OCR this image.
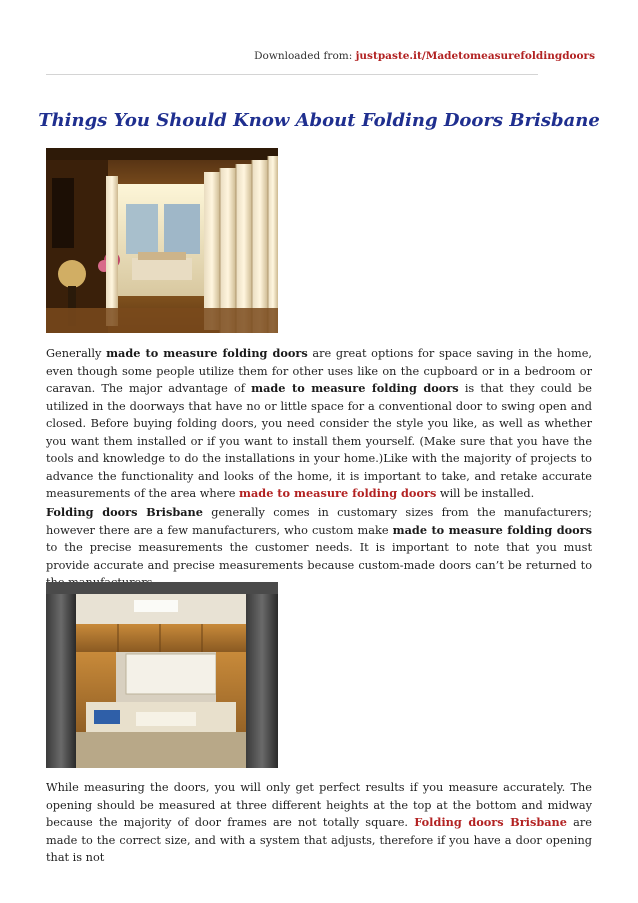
Downloaded from: justpaste.it/Madetomeasurefoldingdoors
Things You Should Know About Folding Doors Brisbane

Generally made to measure folding doors are great options for space saving in the home, even though some people utilize them for other uses like on the cupboard or in a bedroom or caravan. The major advantage of made to measure folding doors is that they could be utilized in the doorways that have no or little space for a conventional door to swing open and closed. Before buying folding doors, you need consider the style you like, as well as whether you want them installed or if you want to install them yourself. (Make sure that you have the tools and knowledge to do the installations in your home.)Like with the majority of projects to advance the functionality and looks of the home, it is important to take, and retake accurate measurements of the area where made to measure folding doors will be installed.

Folding doors Brisbane generally comes in customary sizes from the manufacturers; however there are a few manufacturers, who custom make made to measure folding doors to the precise measurements the customer needs. It is important to note that you must provide accurate and precise measurements because custom-made doors can’t be returned to

While measuring the doors, you will only get perfect results if you measure accurately. The opening should be measured at three different heights at the top at the bottom and midway because the majority of door frames are not totally square. Folding doors Brisbane are made to the correct size, and with a system that adjusts, therefore if you have a door opening that is not
